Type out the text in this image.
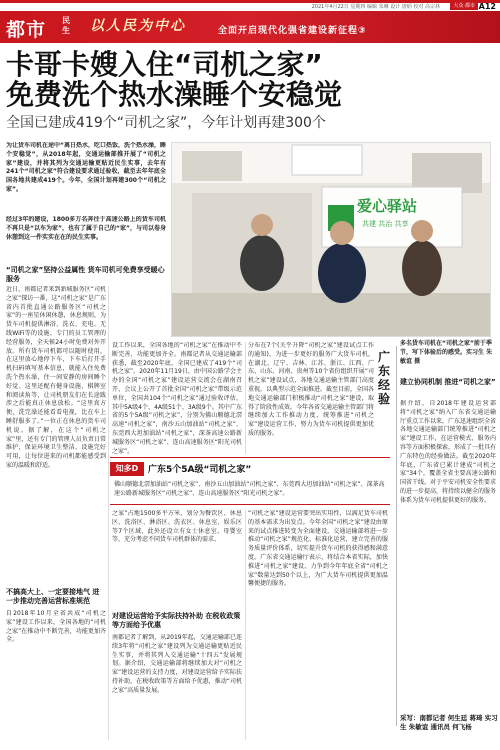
2021年4月22日 星期四 编辑 朱琳 设计 唐炳 校对 高宗林	大众·都市 A12
都市 民生 以人民为中心	全面开启现代化强省建设新征程③
卡哥卡嫂入住“司机之家”
免费洗个热水澡睡个安稳觉
全国已建成419个“司机之家”，今年计划再建300个
为让货车司机在途中“离日热水，吃口热饭，洗个热水澡，睡个安稳觉”，从2018年起，交通运输部推开展了“司机之家”建设，并将其列为交通运输更贴近民生实事，去年有241个“司机之家”符合建设要求通过验收，截至去年年底全国各地共建成419个。今年，全国计划再建300个“司机之家”。
经过3年的建设，1800多万名奔往于高速公路上的货车司机不再只是“以车为家”，也有了属于自己的“家”，与司以卷身休憩到这一件实实在在的民生实事。
爱心驿站
共建 共治 共享
多名货车司机在“司机之家”前于季节，写下体验后的感受。实习生 朱敏谊 摄
“司机之家”坚持公益属性 货车司机可免费享受暖心服务
近日，南都记者来到新城服务区“司机之家”探访一番，这“司机之家”是广东省内首批直通公路服务区“司机之家”的一座星休闲休憩，休息规则，为货车司机提供淋浴、洗衣、充电、无线WiFi等的设施、专门的员工管理的经营服务，全天候24小时免费对外开放。所有货车司机都可以随时使用，在这里放心地停下车，下车后打开手机扫码填写基本信息，就能入住免费洗个热水澡，住一间安静的房间睡个好觉。这里还配有健身设施、棋牌室和阅读角等，让司机朋友们在长途跋涉之后能真正休息放松。“这里真方便，洗完澡还能看看电视，比在车上睡舒服多了。”一位正在休息的货车司机说。据了解，在这个“司机之家”里，还有专门的管理人员负责日常维护，保证环境卫生整洁、设施完好可用，让每位进来的司机都能感受到家的温暖和舒适。
不搞高大上、一定要接地气 进一步推动完善运营标准规范
自2018年10月全省共成“司机之家”建设工作以来，全国各地的“司机之家”在推动中不断完善，功能更加齐全。
设工作以来，全国各地的“司机之家”在推动中不断完善，功能更加齐全。南都记者从交通运输部获悉，截至2020年底，全国已建成了419个“司机之家”。2020年11月19日，由中国公路学会主办的全国“司机之家”建设运营交流会在湖南召开，会议上公开了首批全国“司机之家”带级示范单位，全国共104个“司机之家”通过验收评估，其中5A级4个、4A级51个、3A级9个。其中广东省的5个5A级“司机之家”，分别为佛山顺德北滘高速“司机之家”，南沙五山加油站“司机之家”、东莞西大坦加油站“司机之家”，深茶高速公路新城服务区“司机之家”、连山高速服务区“阳光司机之家”。
分布在7个(关乎升降“司机之家”建设试点工作的通知)，为进一步更好的服务广大货车司机，在湖北、辽宁、吉林、江苏、浙江、江西、广东、山东、河南、贵州等10个省份组织开展“司机之家”建设试点，各地交通运输主管部门高度重视，以典型示范全面推进。截至目前，全国各地交通运输部门积极推动“司机之家”建设，取得了阶段性成效。今年各省交通运输主管部门将继续加大工作推动力度，统筹推进“司机之家”建设运营工作，努力为货车司机提供更加优质的服务。
知多D	广东5个5A级“司机之家”
佛山顺德北滘加油站“司机之家”、南沙五山加油站“司机之家”、东莞西大坦加油站“司机之家”、深茶高速公路新城服务区“司机之家”、连山高速服务区“阳光司机之家”。
之家”占地1500多平方米，划分为餐饮区、休息区、洗浴区、淋浴区、洗衣区、休息室、娱乐区等7个区域，此外还设立有女士休息室、母婴室等，充分考虑不同货车司机群体的需求。
对建设运营给予实际扶持补助 在税收政策等方面给予优惠
南都记者了解到，从2019年起，交通运输部已连续3年将“司机之家”建设列为交通运输更贴近民生实事，并将其列入交通运输“十四五”发展规划。据介绍，交通运输部将继续加大对“司机之家”建设运营的支持力度，对建设运营给予实际扶持补助，在税收政策等方面给予优惠，推动“司机之家”高质量发展。
“司机之家”建设运营要突出实用性，以满足货车司机的基本需求为出发点。今年全国“司机之家”建设由原来的试点推进转变为全面建设，交通运输部将进一步推动“司机之家”规范化、标准化运营，建立完善的服务质量评价体系，切实提升货车司机的获得感和满意度。广东省交通运输厅表示，将结合本省实际，加快推进“司机之家”建设，力争到今年年底全省“司机之家”数量达到50个以上，为广大货车司机提供更加温馨便捷的服务。
广东经验
建立协同机制 推进“司机之家”
据介绍，自2018年建设运营部将“司机之家”纳入广东省交通运输厅重点工作以来，广东迅速组织全省各地交通运输部门统筹推进“司机之家”建设工作，在运营模式、服务内容等方面积极探索，形成了一批具有广东特色的经验做法。截至2020年年底，广东省已累计建成“司机之家”34个，覆盖全省主要高速公路和国省干线。对于平安司机安全性要求的进一步提高，将持续以健全的服务体系为货车司机提供更好的服务。
采写：南都记者 何生廷 蒋琦 实习生 朱敏谊 通讯员 何飞杨
